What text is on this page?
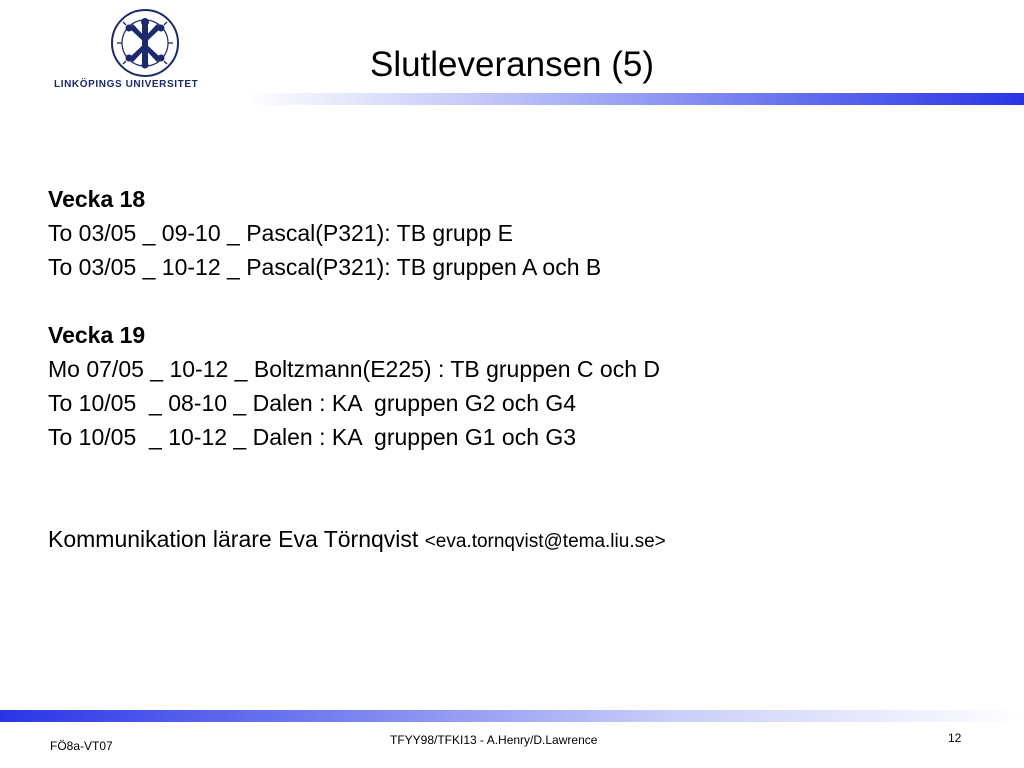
LINKÖPINGS UNIVERSITET
Slutleveransen (5)
Vecka 18
To 03/05 _ 09-10 _ Pascal(P321): TB grupp E
To 03/05 _ 10-12 _ Pascal(P321): TB gruppen A och B
Vecka 19
Mo 07/05 _ 10-12 _ Boltzmann(E225) : TB gruppen C och D
To 10/05  _ 08-10 _ Dalen : KA  gruppen G2 och G4
To 10/05  _ 10-12 _ Dalen : KA  gruppen G1 och G3
Kommunikation lärare Eva Törnqvist <eva.tornqvist@tema.liu.se>
FÖ8a-VT07	TFYY98/TFKI13 - A.Henry/D.Lawrence	12
